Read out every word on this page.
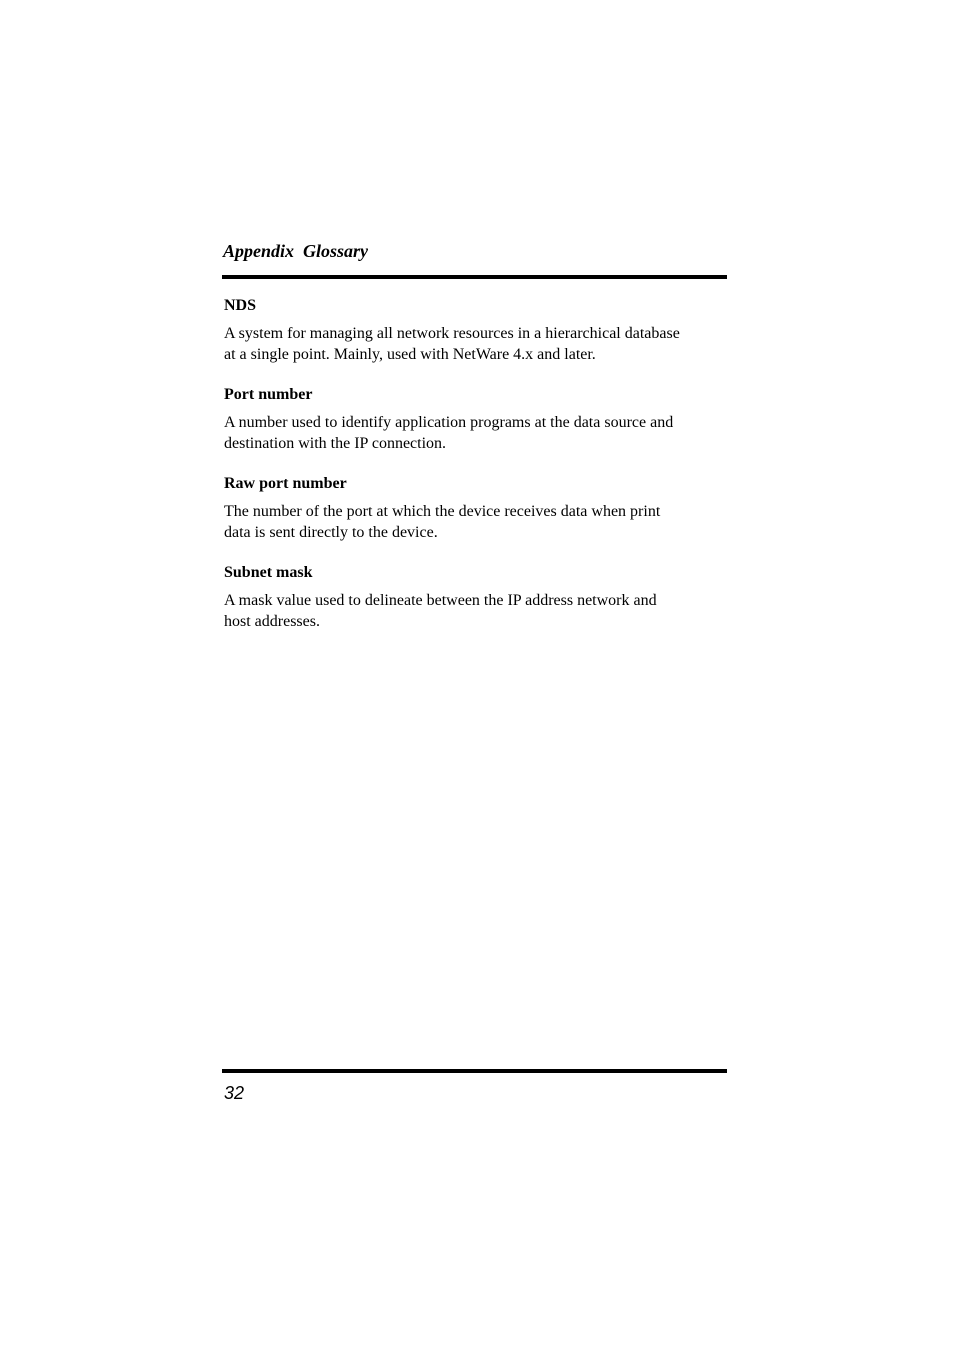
Appendix  Glossary

NDS

A system for managing all network resources in a hierarchical database
at a single point. Mainly, used with NetWare 4.x and later.

Port number

A number used to identify application programs at the data source and
destination with the IP connection.

Raw port number

The number of the port at which the device receives data when print
data is sent directly to the device.

Subnet mask

A mask value used to delineate between the IP address network and
host addresses.

32
